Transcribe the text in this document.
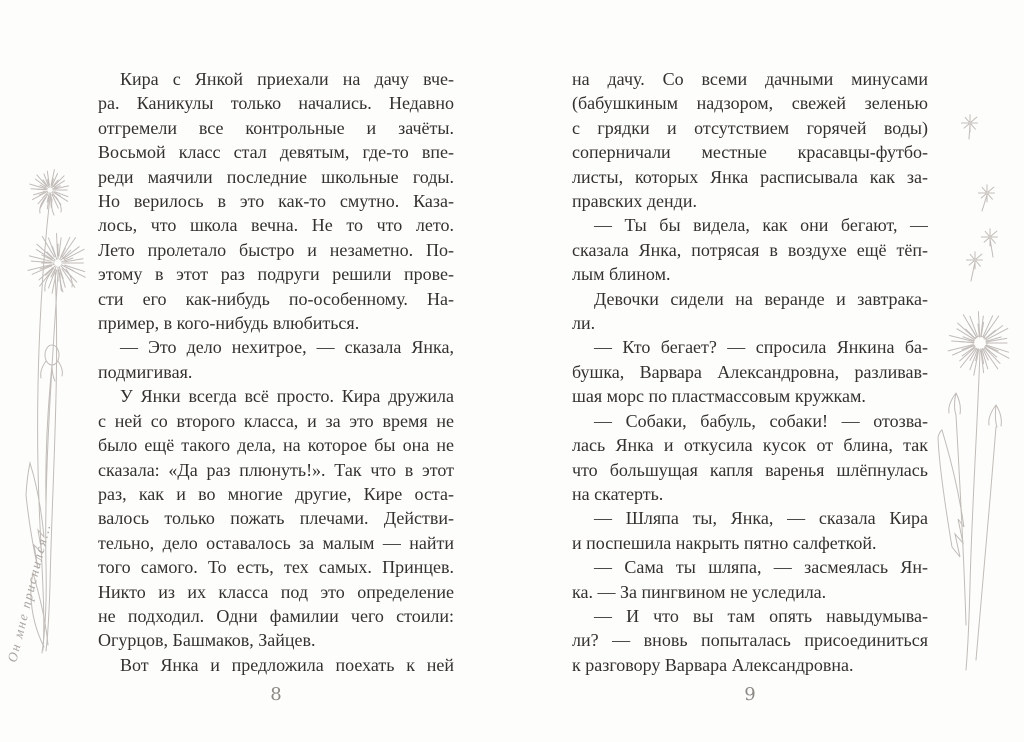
Он мне приснился...
Кира с Янкой приехали на дачу вче-
ра. Каникулы только начались. Недавно
отгремели все контрольные и зачёты.
Восьмой класс стал девятым, где-то впе-
реди маячили последние школьные годы.
Но верилось в это как-то смутно. Каза-
лось, что школа вечна. Не то что лето.
Лето пролетало быстро и незаметно. По-
этому в этот раз подруги решили прове-
сти его как-нибудь по-особенному. На-
пример, в кого-нибудь влюбиться.
— Это дело нехитрое, — сказала Янка,
подмигивая.
У Янки всегда всё просто. Кира дружила
с ней со второго класса, и за это время не
было ещё такого дела, на которое бы она не
сказала: «Да раз плюнуть!». Так что в этот
раз, как и во многие другие, Кире оста-
валось только пожать плечами. Действи-
тельно, дело оставалось за малым — найти
того самого. То есть, тех самых. Принцев.
Никто из их класса под это определение
не подходил. Одни фамилии чего стоили:
Огурцов, Башмаков, Зайцев.
Вот Янка и предложила поехать к ней
8
на дачу. Со всеми дачными минусами
(бабушкиным надзором, свежей зеленью
с грядки и отсутствием горячей воды)
соперничали местные красавцы-футбо-
листы, которых Янка расписывала как за-
правских денди.
— Ты бы видела, как они бегают, —
сказала Янка, потрясая в воздухе ещё тёп-
лым блином.
Девочки сидели на веранде и завтрака-
ли.
— Кто бегает? — спросила Янкина ба-
бушка, Варвара Александровна, разливав-
шая морс по пластмассовым кружкам.
— Собаки, бабуль, собаки! — отозва-
лась Янка и откусила кусок от блина, так
что большущая капля варенья шлёпнулась
на скатерть.
— Шляпа ты, Янка, — сказала Кира
и поспешила накрыть пятно салфеткой.
— Сама ты шляпа, — засмеялась Ян-
ка. — За пингвином не уследила.
— И что вы там опять навыдумыва-
ли? — вновь попыталась присоединиться
к разговору Варвара Александровна.
9
